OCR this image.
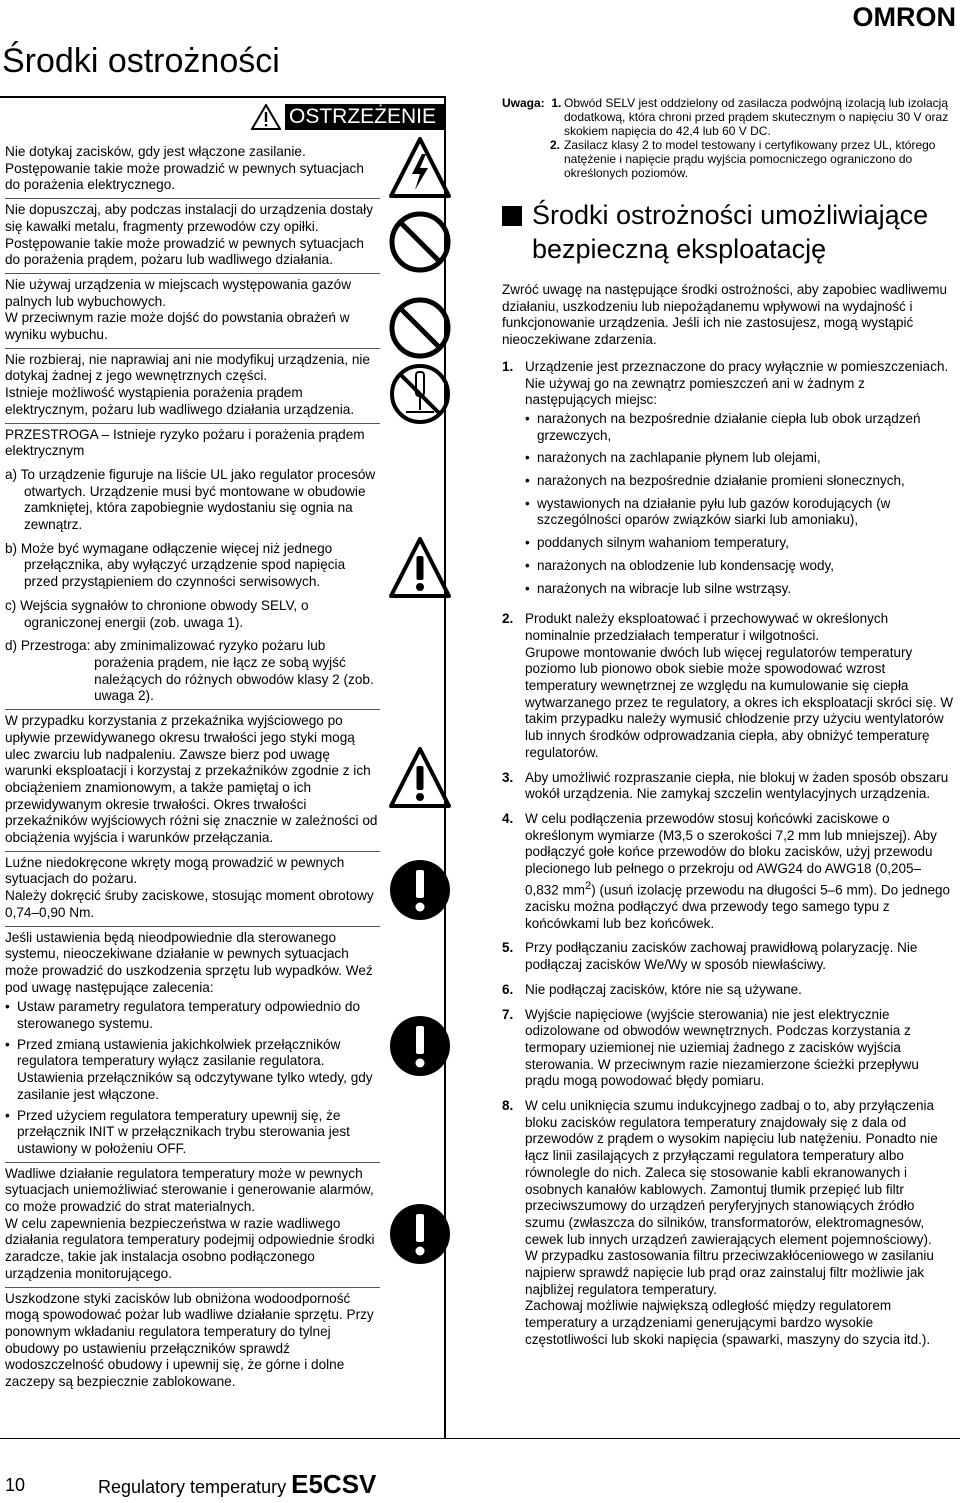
OMRON
Środki ostrożności
OSTRZEŻENIE

Nie dotykaj zacisków, gdy jest włączone zasilanie. Postępowanie takie może prowadzić w pewnych sytuacjach do porażenia elektrycznego.

Nie dopuszczaj, aby podczas instalacji do urządzenia dostały się kawałki metalu, fragmenty przewodów czy opiłki.

Postępowanie takie może prowadzić w pewnych sytuacjach do porażenia prądem, pożaru lub wadliwego działania.

Nie używaj urządzenia w miejscach występowania gazów palnych lub wybuchowych.

W przeciwnym razie może dojść do powstania obrażeń w wyniku wybuchu.

Nie rozbieraj, nie naprawiaj ani nie modyfikuj urządzenia, nie dotykaj żadnej z jego wewnętrznych części.

Istnieje możliwość wystąpienia porażenia prądem elektrycznym, pożaru lub wadliwego działania urządzenia.

PRZESTROGA – Istnieje ryzyko pożaru i porażenia prądem elektrycznym

a) To urządzenie figuruje na liście UL jako regulator procesów otwartych. Urządzenie musi być montowane w obudowie zamkniętej, która zapobiegnie wydostaniu się ognia na zewnątrz.

b) Może być wymagane odłączenie więcej niż jednego przełącznika, aby wyłączyć urządzenie spod napięcia przed przystąpieniem do czynności serwisowych.

c) Wejścia sygnałów to chronione obwody SELV, o ograniczonej energii (zob. uwaga 1).

d) Przestroga: aby zminimalizować ryzyko pożaru lub porażenia prądem, nie łącz ze sobą wyjść należących do różnych obwodów klasy 2 (zob. uwaga 2).

W przypadku korzystania z przekaźnika wyjściowego po upływie przewidywanego okresu trwałości jego styki mogą ulec zwarciu lub nadpaleniu. Zawsze bierz pod uwagę warunki eksploatacji i korzystaj z przekaźników zgodnie z ich obciążeniem znamionowym, a także pamiętaj o ich przewidywanym okresie trwałości. Okres trwałości przekaźników wyjściowych różni się znacznie w zależności od obciążenia wyjścia i warunków przełączania.

Luźne niedokręcone wkręty mogą prowadzić w pewnych sytuacjach do pożaru.

Należy dokręcić śruby zaciskowe, stosując moment obrotowy 0,74–0,90 Nm.

Jeśli ustawienia będą nieodpowiednie dla sterowanego systemu, nieoczekiwane działanie w pewnych sytuacjach może prowadzić do uszkodzenia sprzętu lub wypadków. Weź pod uwagę następujące zalecenia:

• Ustaw parametry regulatora temperatury odpowiednio do sterowanego systemu.
• Przed zmianą ustawienia jakichkolwiek przełączników regulatora temperatury wyłącz zasilanie regulatora. Ustawienia przełączników są odczytywane tylko wtedy, gdy zasilanie jest włączone.
• Przed użyciem regulatora temperatury upewnij się, że przełącznik INIT w przełącznikach trybu sterowania jest ustawiony w położeniu OFF.

Wadliwe działanie regulatora temperatury może w pewnych sytuacjach uniemożliwiać sterowanie i generowanie alarmów, co może prowadzić do strat materialnych.

W celu zapewnienia bezpieczeństwa w razie wadliwego działania regulatora temperatury podejmij odpowiednie środki zaradcze, takie jak instalacja osobno podłączonego urządzenia monitorującego.

Uszkodzone styki zacisków lub obniżona wodoodporność mogą spowodować pożar lub wadliwe działanie sprzętu. Przy ponownym wkładaniu regulatora temperatury do tylnej obudowy po ustawieniu przełączników sprawdź wodoszczelność obudowy i upewnij się, że górne i dolne zaczepy są bezpiecznie zablokowane.

Uwaga: 1. Obwód SELV jest oddzielony od zasilacza podwójną izolacją lub izolacją dodatkową, która chroni przed prądem skutecznym o napięciu 30 V oraz skokiem napięcia do 42,4 lub 60 V DC.
2. Zasilacz klasy 2 to model testowany i certyfikowany przez UL, którego natężenie i napięcie prądu wyjścia pomocniczego ograniczono do określonych poziomów.
Środki ostrożności umożliwiające bezpieczną eksploatację

Zwróć uwagę na następujące środki ostrożności, aby zapobiec wadliwemu działaniu, uszkodzeniu lub niepożądanemu wpływowi na wydajność i funkcjonowanie urządzenia. Jeśli ich nie zastosujesz, mogą wystąpić nieoczekiwane zdarzenia.

1. Urządzenie jest przeznaczone do pracy wyłącznie w pomieszczeniach. Nie używaj go na zewnątrz pomieszczeń ani w żadnym z następujących miejsc:

• narażonych na bezpośrednie działanie ciepła lub obok urządzeń grzewczych,
• narażonych na zachlapanie płynem lub olejami,
• narażonych na bezpośrednie działanie promieni słonecznych,
• wystawionych na działanie pyłu lub gazów korodujących (w szczególności oparów związków siarki lub amoniaku),
• poddanych silnym wahaniom temperatury,
• narażonych na oblodzenie lub kondensację wody,
• narażonych na wibracje lub silne wstrząsy.
2. Produkt należy eksploatować i przechowywać w określonych nominalnie przedziałach temperatur i wilgotności.

Grupowe montowanie dwóch lub więcej regulatorów temperatury poziomo lub pionowo obok siebie może spowodować wzrost temperatury wewnętrznej ze względu na kumulowanie się ciepła wytwarzanego przez te regulatory, a okres ich eksploatacji skróci się. W takim przypadku należy wymusić chłodzenie przy użyciu wentylatorów lub innych środków odprowadzania ciepła, aby obniżyć temperaturę regulatorów.

3. Aby umożliwić rozpraszanie ciepła, nie blokuj w żaden sposób obszaru wokół urządzenia. Nie zamykaj szczelin wentylacyjnych urządzenia.

4. W celu podłączenia przewodów stosuj końcówki zaciskowe o określonym wymiarze (M3,5 o szerokości 7,2 mm lub mniejszej). Aby podłączyć gołe końce przewodów do bloku zacisków, użyj przewodu plecionego lub pełnego o przekroju od AWG24 do AWG18 (0,205–0,832 $mm^2$) (usuń izolację przewodu na długości 5–6 mm). Do jednego zacisku można podłączyć dwa przewody tego samego typu z końcówkami lub bez końcówek.

5. Przy podłączaniu zacisków zachowaj prawidłową polaryzację. Nie podłączaj zacisków We/Wy w sposób niewłaściwy.

6. Nie podłączaj zacisków, które nie są używane.

7. Wyjście napięciowe (wyjście sterowania) nie jest elektrycznie odizolowane od obwodów wewnętrznych. Podczas korzystania z termopary uziemionej nie uziemiaj żadnego z zacisków wyjścia sterowania. W przeciwnym razie niezamierzone ścieżki przepływu prądu mogą powodować błędy pomiaru.

8. W celu uniknięcia szumu indukcyjnego zadbaj o to, aby przyłączenia bloku zacisków regulatora temperatury znajdowały się z dala od przewodów z prądem o wysokim napięciu lub natężeniu. Ponadto nie łącz linii zasilających z przyłączami regulatora temperatury albo równolegle do nich. Zaleca się stosowanie kabli ekranowanych i osobnych kanałów kablowych. Zamontuj tłumik przepięć lub filtr przeciwszumowy do urządzeń peryferyjnych stanowiących źródło szumu (zwłaszcza do silników, transformatorów, elektromagnesów, cewek lub innych urządzeń zawierających element pojemnościowy).

W przypadku zastosowania filtru przeciwzakłóceniowego w zasilaniu najpierw sprawdź napięcie lub prąd oraz zainstaluj filtr możliwie jak najbliżej regulatora temperatury.

Zachowaj możliwie największą odległość między regulatorem temperatury a urządzeniami generującymi bardzo wysokie częstotliwości lub skoki napięcia (spawarki, maszyny do szycia itd.).

10	Regulatory temperatury E5CSV
